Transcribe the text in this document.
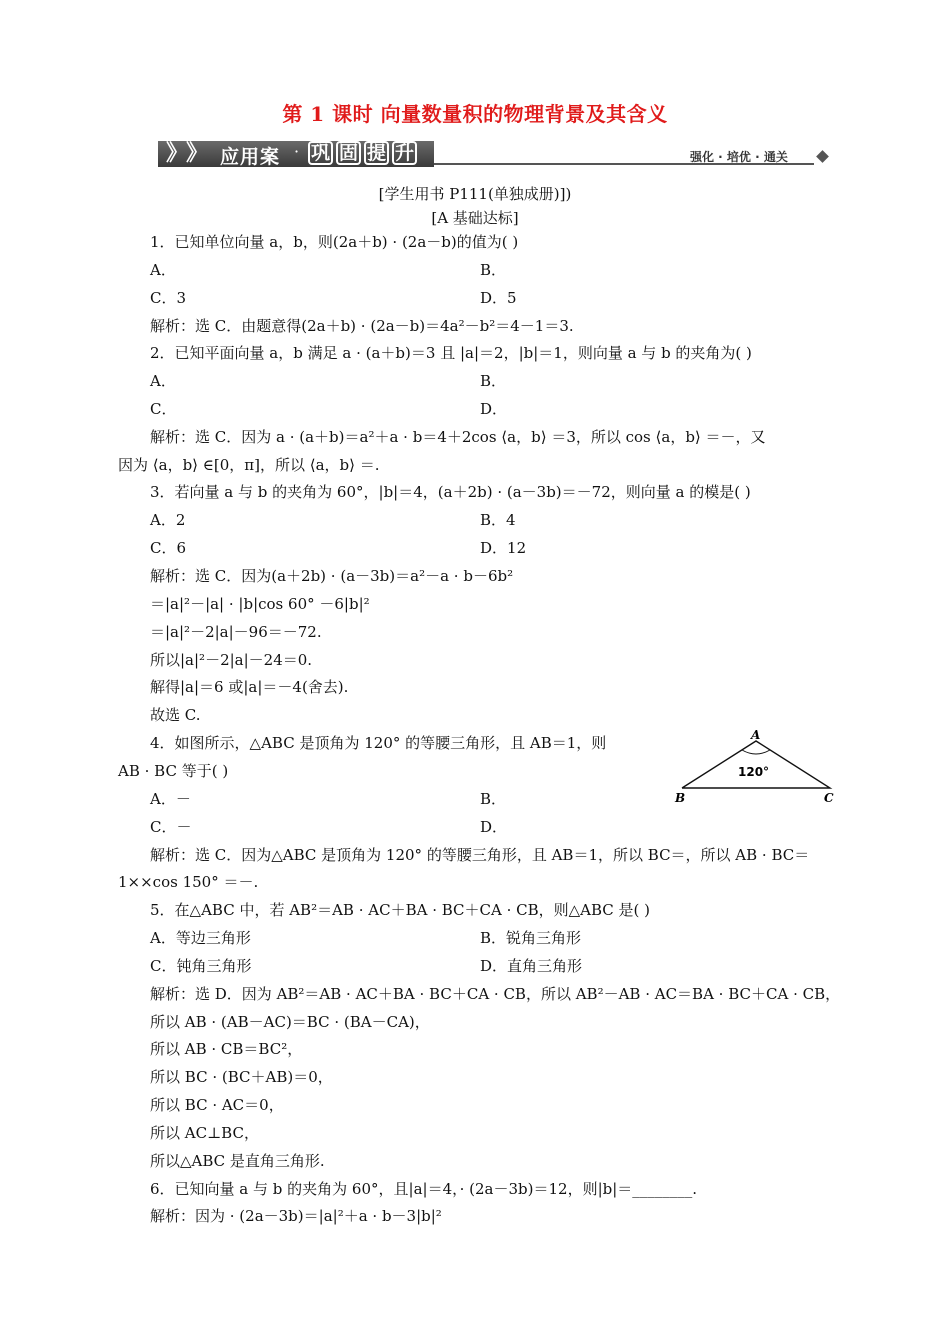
第 1 课时 向量数量积的物理背景及其含义
》
》 应用案 · 巩 固 提 升	强化 · 培优 · 通关
[学生用书 P111(单独成册)])
[A 基础达标]
1．已知单位向量 a，b，则(2a＋b) · (2a－b)的值为( )
A．	B．
C．3	D．5
解析：选 C．由题意得(2a＋b) · (2a－b)＝4a²－b²＝4－1＝3.
2．已知平面向量 a，b 满足 a · (a＋b)＝3 且 |a|＝2，|b|＝1，则向量 a 与 b 的夹角为( )
A．	B．
C．	D．
解析：选 C．因为 a · (a＋b)＝a²＋a · b＝4＋2cos ⟨a，b⟩ ＝3，所以 cos ⟨a，b⟩ ＝－，又
因为 ⟨a，b⟩ ∈[0，π]，所以 ⟨a，b⟩ ＝.
3．若向量 a 与 b 的夹角为 60°，|b|＝4，(a＋2b) · (a－3b)＝－72，则向量 a 的模是( )
A．2	B．4
C．6	D．12
解析：选 C．因为(a＋2b) · (a－3b)＝a²－a · b－6b²
＝|a|²－|a| · |b|cos 60° －6|b|²
＝|a|²－2|a|－96＝－72.
所以|a|²－2|a|－24＝0.
解得|a|＝6 或|a|＝－4(舍去).
故选 C.
4．如图所示，△ABC 是顶角为 120° 的等腰三角形，且 AB＝1，则
AB · BC 等于( )
A．－	B．
C．－	D．
解析：选 C．因为△ABC 是顶角为 120° 的等腰三角形，且 AB＝1，所以 BC＝，所以 AB · BC＝
1××cos 150° ＝－.
A
B	C
120°
5．在△ABC 中，若 AB²＝AB · AC＋BA · BC＋CA · CB，则△ABC 是( )
A．等边三角形	B．锐角三角形
C．钝角三角形	D．直角三角形
解析：选 D．因为 AB²＝AB · AC＋BA · BC＋CA · CB，所以 AB²－AB · AC＝BA · BC＋CA · CB，
所以 AB · (AB－AC)＝BC · (BA－CA)，
所以 AB · CB＝BC²，
所以 BC · (BC＋AB)＝0，
所以 BC · AC＝0，
所以 AC⊥BC，
所以△ABC 是直角三角形.
6．已知向量 a 与 b 的夹角为 60°，且|a|＝4，· (2a－3b)＝12，则|b|＝________.
解析：因为 · (2a－3b)＝|a|²＋a · b－3|b|²
